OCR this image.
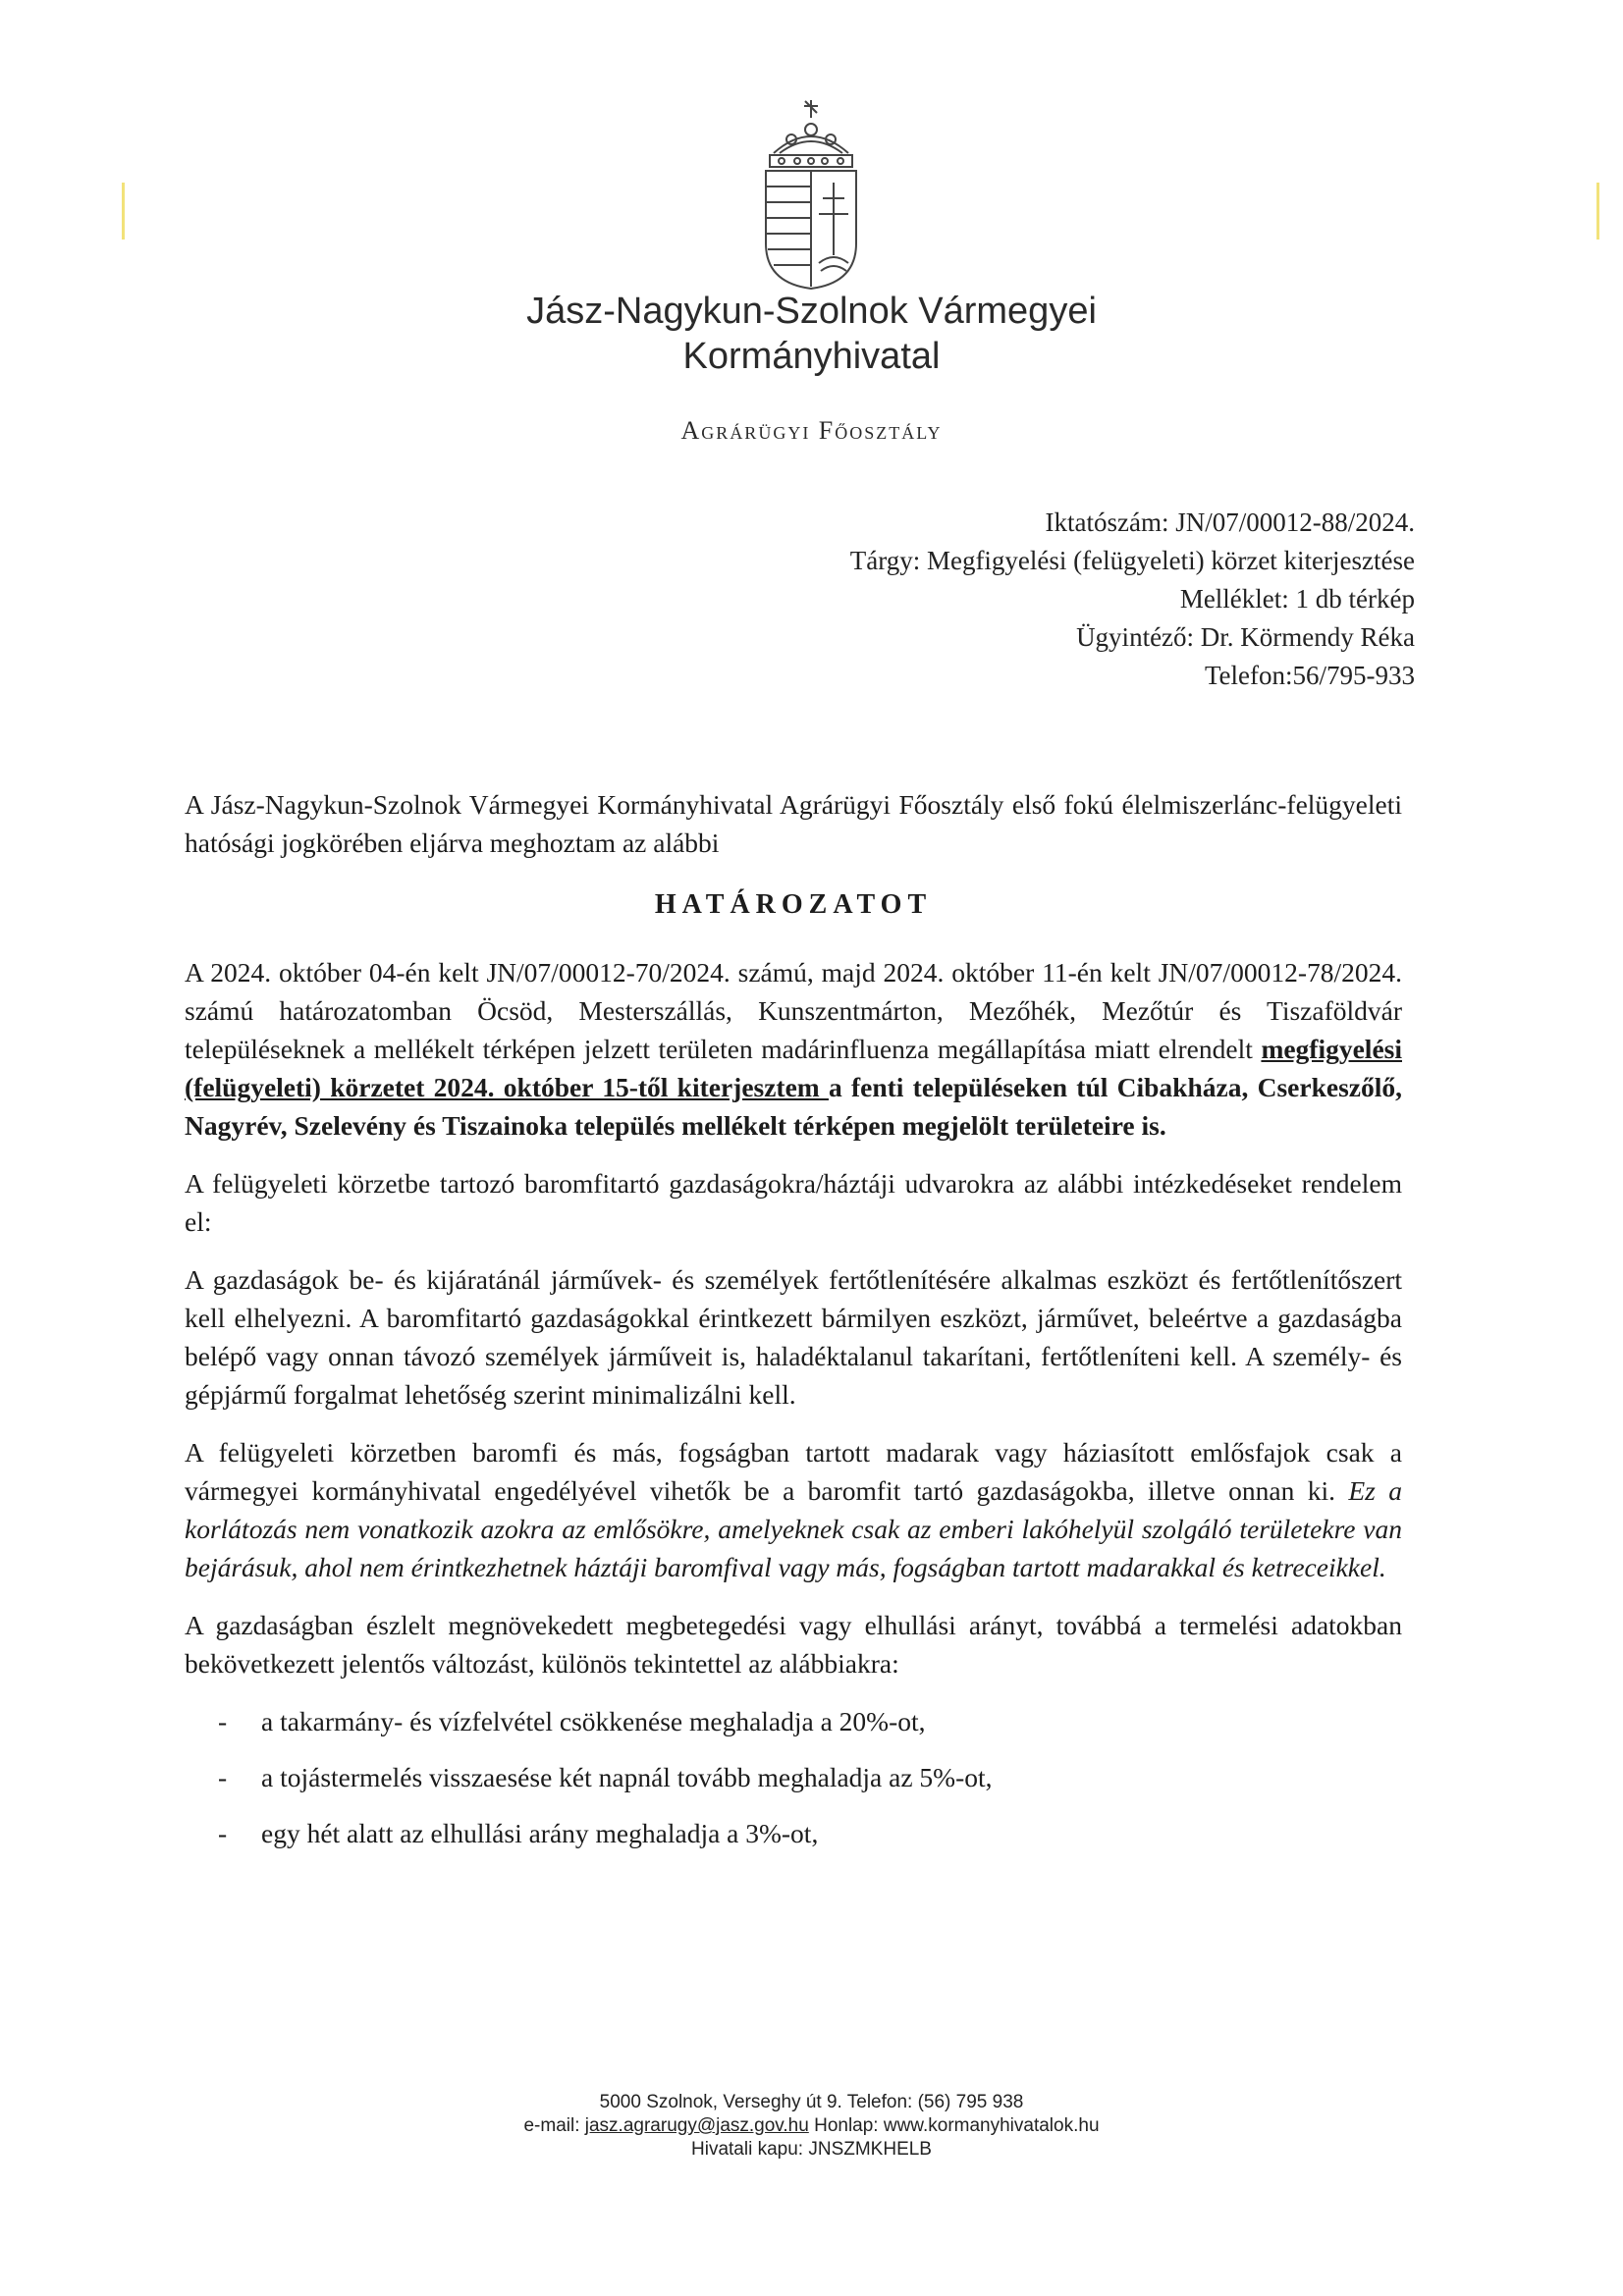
Jász-Nagykun-Szolnok Vármegyei
Kormányhivatal
Agrárügyi Főosztály
Iktatószám: JN/07/00012-88/2024.
Tárgy: Megfigyelési (felügyeleti) körzet kiterjesztése
Melléklet: 1 db térkép
Ügyintéző: Dr. Körmendy Réka
Telefon:56/795-933

A Jász-Nagykun-Szolnok Vármegyei Kormányhivatal Agrárügyi Főosztály első fokú élelmiszerlánc-felügyeleti hatósági jogkörében eljárva meghoztam az alábbi

HATÁROZATOT

A 2024. október 04-én kelt JN/07/00012-70/2024. számú, majd 2024. október 11-én kelt JN/07/00012-78/2024. számú határozatomban Öcsöd, Mesterszállás, Kunszentmárton, Mezőhék, Mezőtúr és Tiszaföldvár településeknek a mellékelt térképen jelzett területen madárinfluenza megállapítása miatt elrendelt megfigyelési (felügyeleti) körzetet 2024. október 15-től kiterjesztem a fenti településeken túl Cibakháza, Cserkeszőlő, Nagyrév, Szelevény és Tiszainoka település mellékelt térképen megjelölt területeire is.

A felügyeleti körzetbe tartozó baromfitartó gazdaságokra/háztáji udvarokra az alábbi intézkedéseket rendelem el:

A gazdaságok be- és kijáratánál járművek- és személyek fertőtlenítésére alkalmas eszközt és fertőtlenítőszert kell elhelyezni. A baromfitartó gazdaságokkal érintkezett bármilyen eszközt, járművet, beleértve a gazdaságba belépő vagy onnan távozó személyek járműveit is, haladéktalanul takarítani, fertőtleníteni kell. A személy- és gépjármű forgalmat lehetőség szerint minimalizálni kell.

A felügyeleti körzetben baromfi és más, fogságban tartott madarak vagy háziasított emlősfajok csak a vármegyei kormányhivatal engedélyével vihetők be a baromfit tartó gazdaságokba, illetve onnan ki. Ez a korlátozás nem vonatkozik azokra az emlősökre, amelyeknek csak az emberi lakóhelyül szolgáló területekre van bejárásuk, ahol nem érintkezhetnek háztáji baromfival vagy más, fogságban tartott madarakkal és ketreceikkel.

A gazdaságban észlelt megnövekedett megbetegedési vagy elhullási arányt, továbbá a termelési adatokban bekövetkezett jelentős változást, különös tekintettel az alábbiakra:

- a takarmány- és vízfelvétel csökkenése meghaladja a 20%-ot,
- a tojástermelés visszaesése két napnál tovább meghaladja az 5%-ot,
- egy hét alatt az elhullási arány meghaladja a 3%-ot,
5000 Szolnok, Verseghy út 9. Telefon: (56) 795 938
e-mail: jasz.agrarugy@jasz.gov.hu Honlap: www.kormanyhivatalok.hu
Hivatali kapu: JNSZMKHELB
